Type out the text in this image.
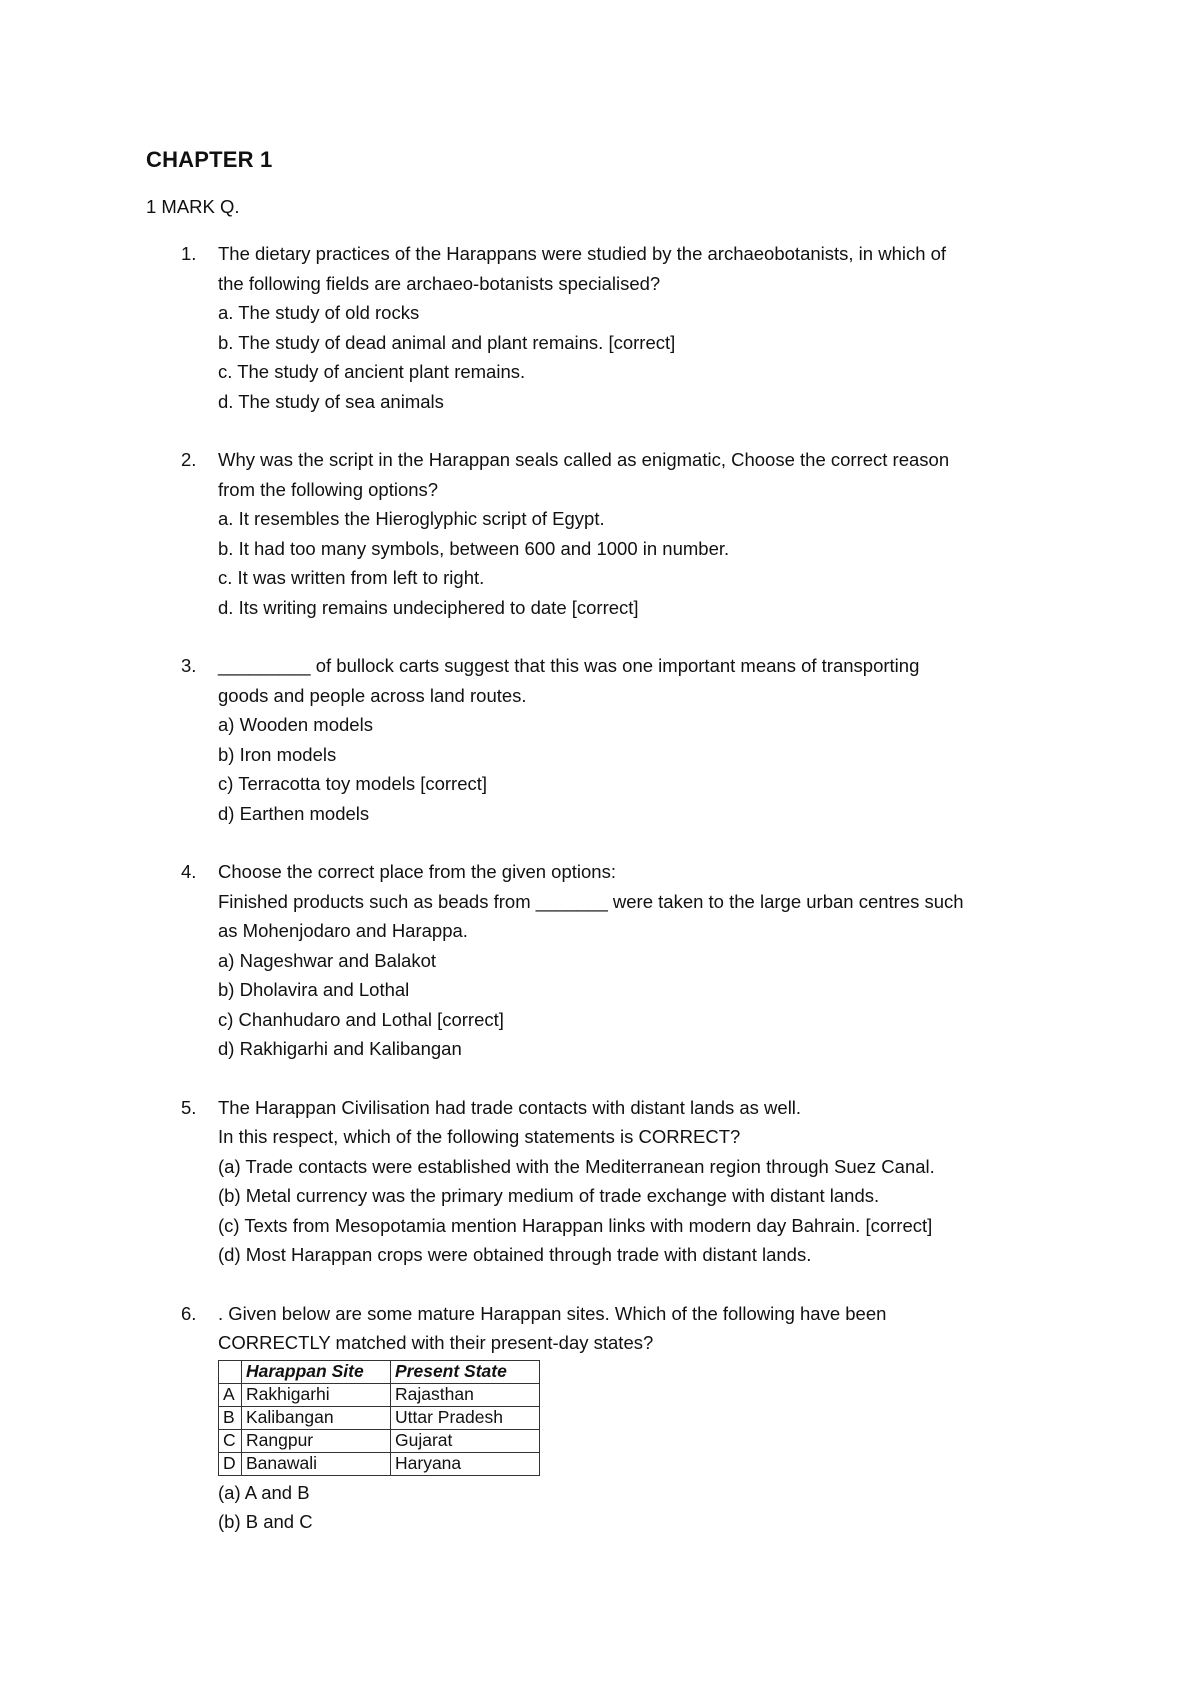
CHAPTER 1
1 MARK Q.
1. The dietary practices of the Harappans were studied by the archaeobotanists, in which of
the following fields are archaeo-botanists specialised?
a. The study of old rocks
b. The study of dead animal and plant remains. [correct]
c. The study of ancient plant remains.
d. The study of sea animals
2. Why was the script in the Harappan seals called as enigmatic, Choose the correct reason
from the following options?
a. It resembles the Hieroglyphic script of Egypt.
b. It had too many symbols, between 600 and 1000 in number.
c. It was written from left to right.
d. Its writing remains undeciphered to date [correct]
3. _________ of bullock carts suggest that this was one important means of transporting
goods and people across land routes.
a) Wooden models
b) Iron models
c) Terracotta toy models [correct]
d) Earthen models
4. Choose the correct place from the given options:
Finished products such as beads from _______ were taken to the large urban centres such
as Mohenjodaro and Harappa.
a) Nageshwar and Balakot
b) Dholavira and Lothal
c) Chanhudaro and Lothal [correct]
d) Rakhigarhi and Kalibangan
5. The Harappan Civilisation had trade contacts with distant lands as well.
In this respect, which of the following statements is CORRECT?
(a) Trade contacts were established with the Mediterranean region through Suez Canal.
(b) Metal currency was the primary medium of trade exchange with distant lands.
(c) Texts from Mesopotamia mention Harappan links with modern day Bahrain. [correct]
(d) Most Harappan crops were obtained through trade with distant lands.
6. . Given below are some mature Harappan sites. Which of the following have been
CORRECTLY matched with their present-day states?
	Harappan Site	Present State
A	Rakhigarhi	Rajasthan
B	Kalibangan	Uttar Pradesh
C	Rangpur	Gujarat
D	Banawali	Haryana
(a) A and B
(b) B and C
